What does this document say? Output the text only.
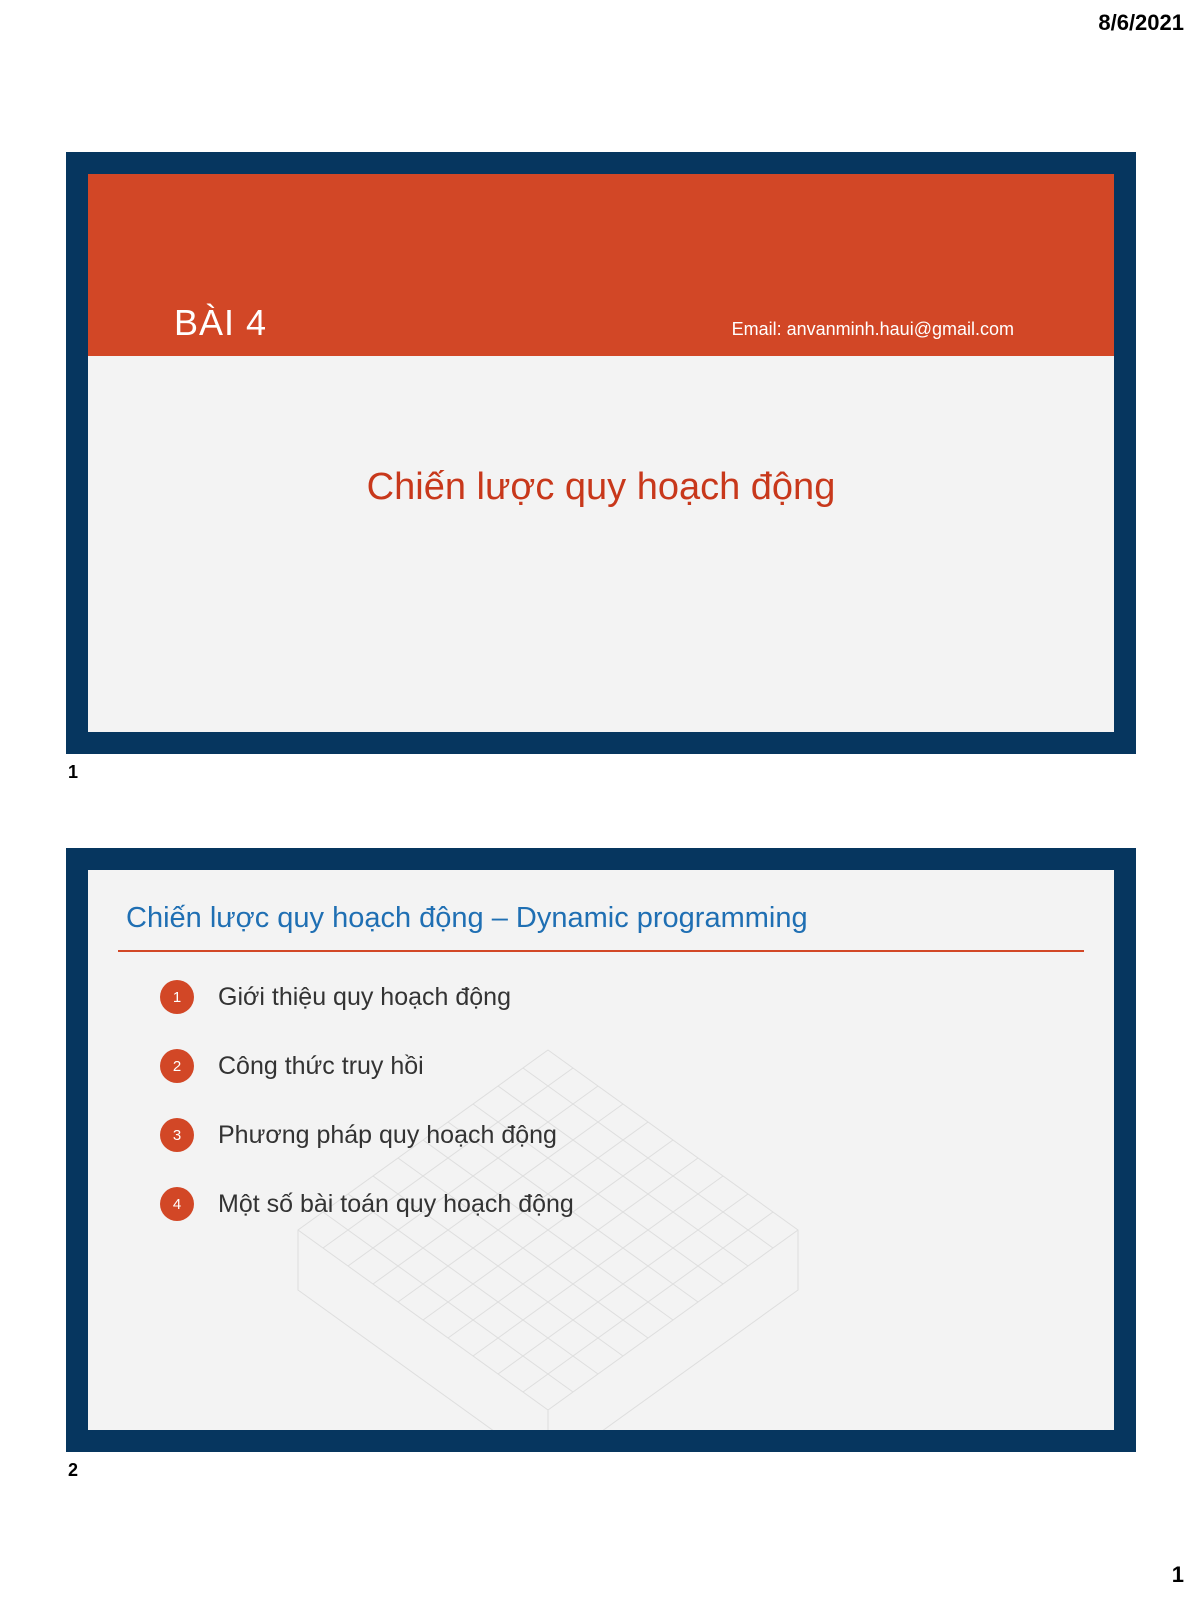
8/6/2021
BÀI 4	Email: anvanminh.haui@gmail.com
Chiến lược quy hoạch động
1
Chiến lược quy hoạch động – Dynamic programming
1	Giới thiệu quy hoạch động
2	Công thức truy hồi
3	Phương pháp quy hoạch động
4	Một số bài toán quy hoạch động
2
1
